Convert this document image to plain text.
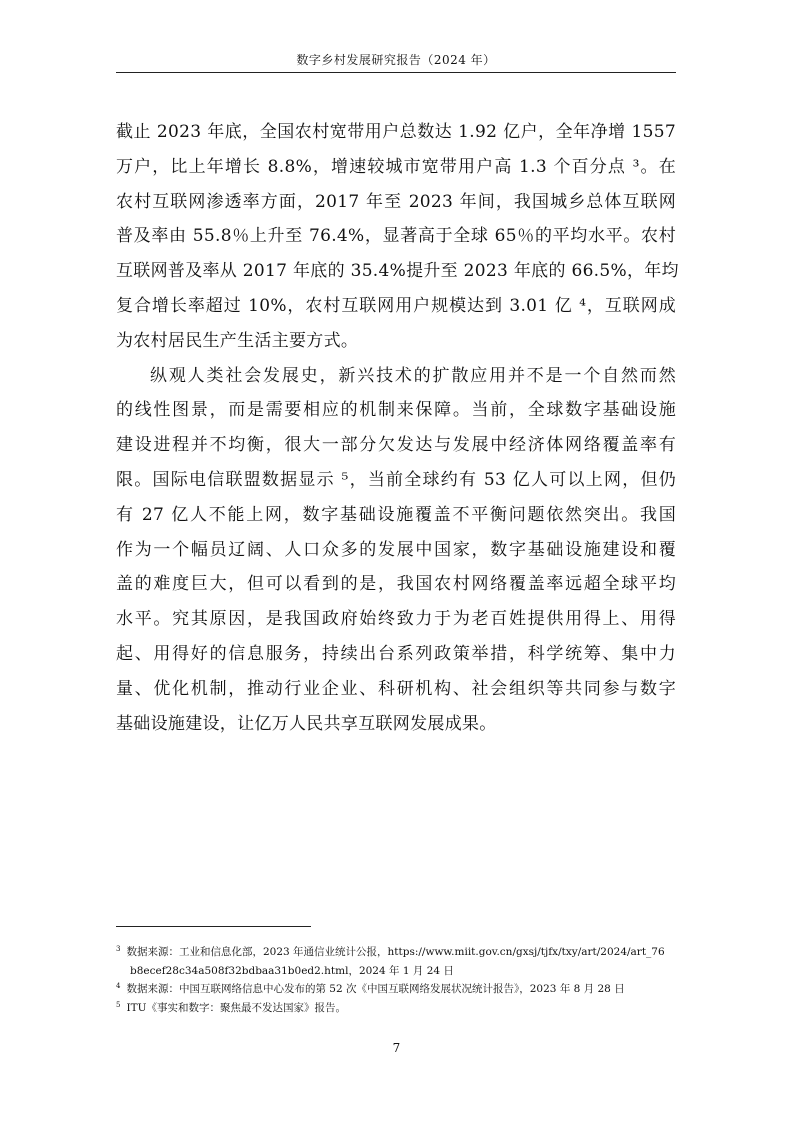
数字乡村发展研究报告（2024 年）
截止 2023 年底，全国农村宽带用户总数达 1.92 亿户，全年净增 1557
万户，比上年增长 8.8%，增速较城市宽带用户高 1.3 个百分点 ³。在
农村互联网渗透率方面，2017 年至 2023 年间，我国城乡总体互联网
普及率由 55.8％上升至 76.4%，显著高于全球 65％的平均水平。农村
互联网普及率从 2017 年底的 35.4%提升至 2023 年底的 66.5%，年均
复合增长率超过 10%，农村互联网用户规模达到 3.01 亿 ⁴，互联网成
为农村居民生产生活主要方式。
纵观人类社会发展史，新兴技术的扩散应用并不是一个自然而然
的线性图景，而是需要相应的机制来保障。当前，全球数字基础设施
建设进程并不均衡，很大一部分欠发达与发展中经济体网络覆盖率有
限。国际电信联盟数据显示 ⁵，当前全球约有 53 亿人可以上网，但仍
有 27 亿人不能上网，数字基础设施覆盖不平衡问题依然突出。我国
作为一个幅员辽阔、人口众多的发展中国家，数字基础设施建设和覆
盖的难度巨大，但可以看到的是，我国农村网络覆盖率远超全球平均
水平。究其原因，是我国政府始终致力于为老百姓提供用得上、用得
起、用得好的信息服务，持续出台系列政策举措，科学统筹、集中力
量、优化机制，推动行业企业、科研机构、社会组织等共同参与数字
基础设施建设，让亿万人民共享互联网发展成果。
3 数据来源：工业和信息化部，2023 年通信业统计公报，https://www.miit.gov.cn/gxsj/tjfx/txy/art/2024/art_76
b8ecef28c34a508f32bdbaa31b0ed2.html，2024 年 1 月 24 日
4 数据来源：中国互联网络信息中心发布的第 52 次《中国互联网络发展状况统计报告》，2023 年 8 月 28 日
5 ITU《事实和数字：聚焦最不发达国家》报告。
7
